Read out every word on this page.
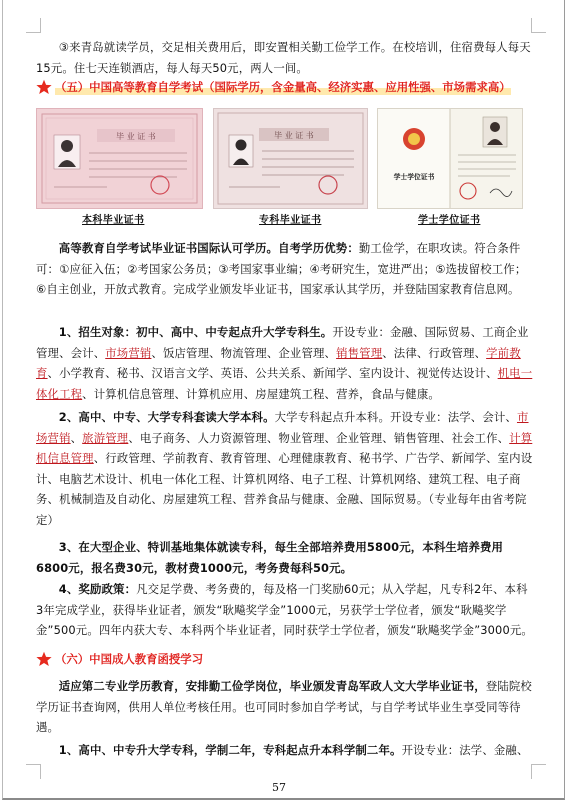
③来青岛就读学员，交足相关费用后，即安置相关勤工俭学工作。在校培训，住宿费每人每天15元。住七天连锁酒店，每人每天50元，两人一间。
（五）中国高等教育自学考试（国际学历，含金量高、经济实惠、应用性强、市场需求高）
毕 业 证 书	毕 业 证 书
学士学位证书
本科毕业证书	专科毕业证书	学士学位证书
高等教育自学考试毕业证书国际认可学历。自考学历优势：勤工俭学，在职攻读。符合条件可：①应征入伍；②考国家公务员；③考国家事业编；④考研究生，宽进严出；⑤选拔留校工作；⑥自主创业，开放式教育。完成学业颁发毕业证书，国家承认其学历，并登陆国家教育信息网。
1、招生对象：初中、高中、中专起点升大学专科生。开设专业：金融、国际贸易、工商企业管理、会计、市场营销、饭店管理、物流管理、企业管理、销售管理、法律、行政管理、学前教育、小学教育、秘书、汉语言文学、英语、公共关系、新闻学、室内设计、视觉传达设计、机电一体化工程、计算机信息管理、计算机应用、房屋建筑工程、营养，食品与健康。
2、高中、中专、大学专科套读大学本科。大学专科起点升本科。开设专业：法学、会计、市场营销、旅游管理、电子商务、人力资源管理、物业管理、企业管理、销售管理、社会工作、计算机信息管理、行政管理、学前教育、教育管理、心理健康教育、秘书学、广告学、新闻学、室内设计、电脑艺术设计、机电一体化工程、计算机网络、电子工程、计算机网络、建筑工程、电子商务、机械制造及自动化、房屋建筑工程、营养食品与健康、金融、国际贸易。（专业每年由省考院定）
3、在大型企业、特训基地集体就读专科，每生全部培养费用5800元，本科生培养费用6800元，报名费30元，教材费1000元，考务费每科50元。
4、奖励政策：凡交足学费、考务费的，每及格一门奖励60元；从入学起，凡专科2年、本科3年完成学业，获得毕业证者，颁发“耿飚奖学金”1000元，另获学士学位者，颁发“耿飚奖学金”500元。四年内获大专、本科两个毕业证者，同时获学士学位者，颁发“耿飚奖学金”3000元。
（六）中国成人教育函授学习
适应第二专业学历教育，安排勤工俭学岗位，毕业颁发青岛军政人文大学毕业证书，登陆院校学历证书查询网，供用人单位考核任用。也可同时参加自学考试，与自学考试毕业生享受同等待遇。
1、高中、中专升大学专科，学制二年，专科起点升本科学制二年。开设专业：法学、金融、
57
